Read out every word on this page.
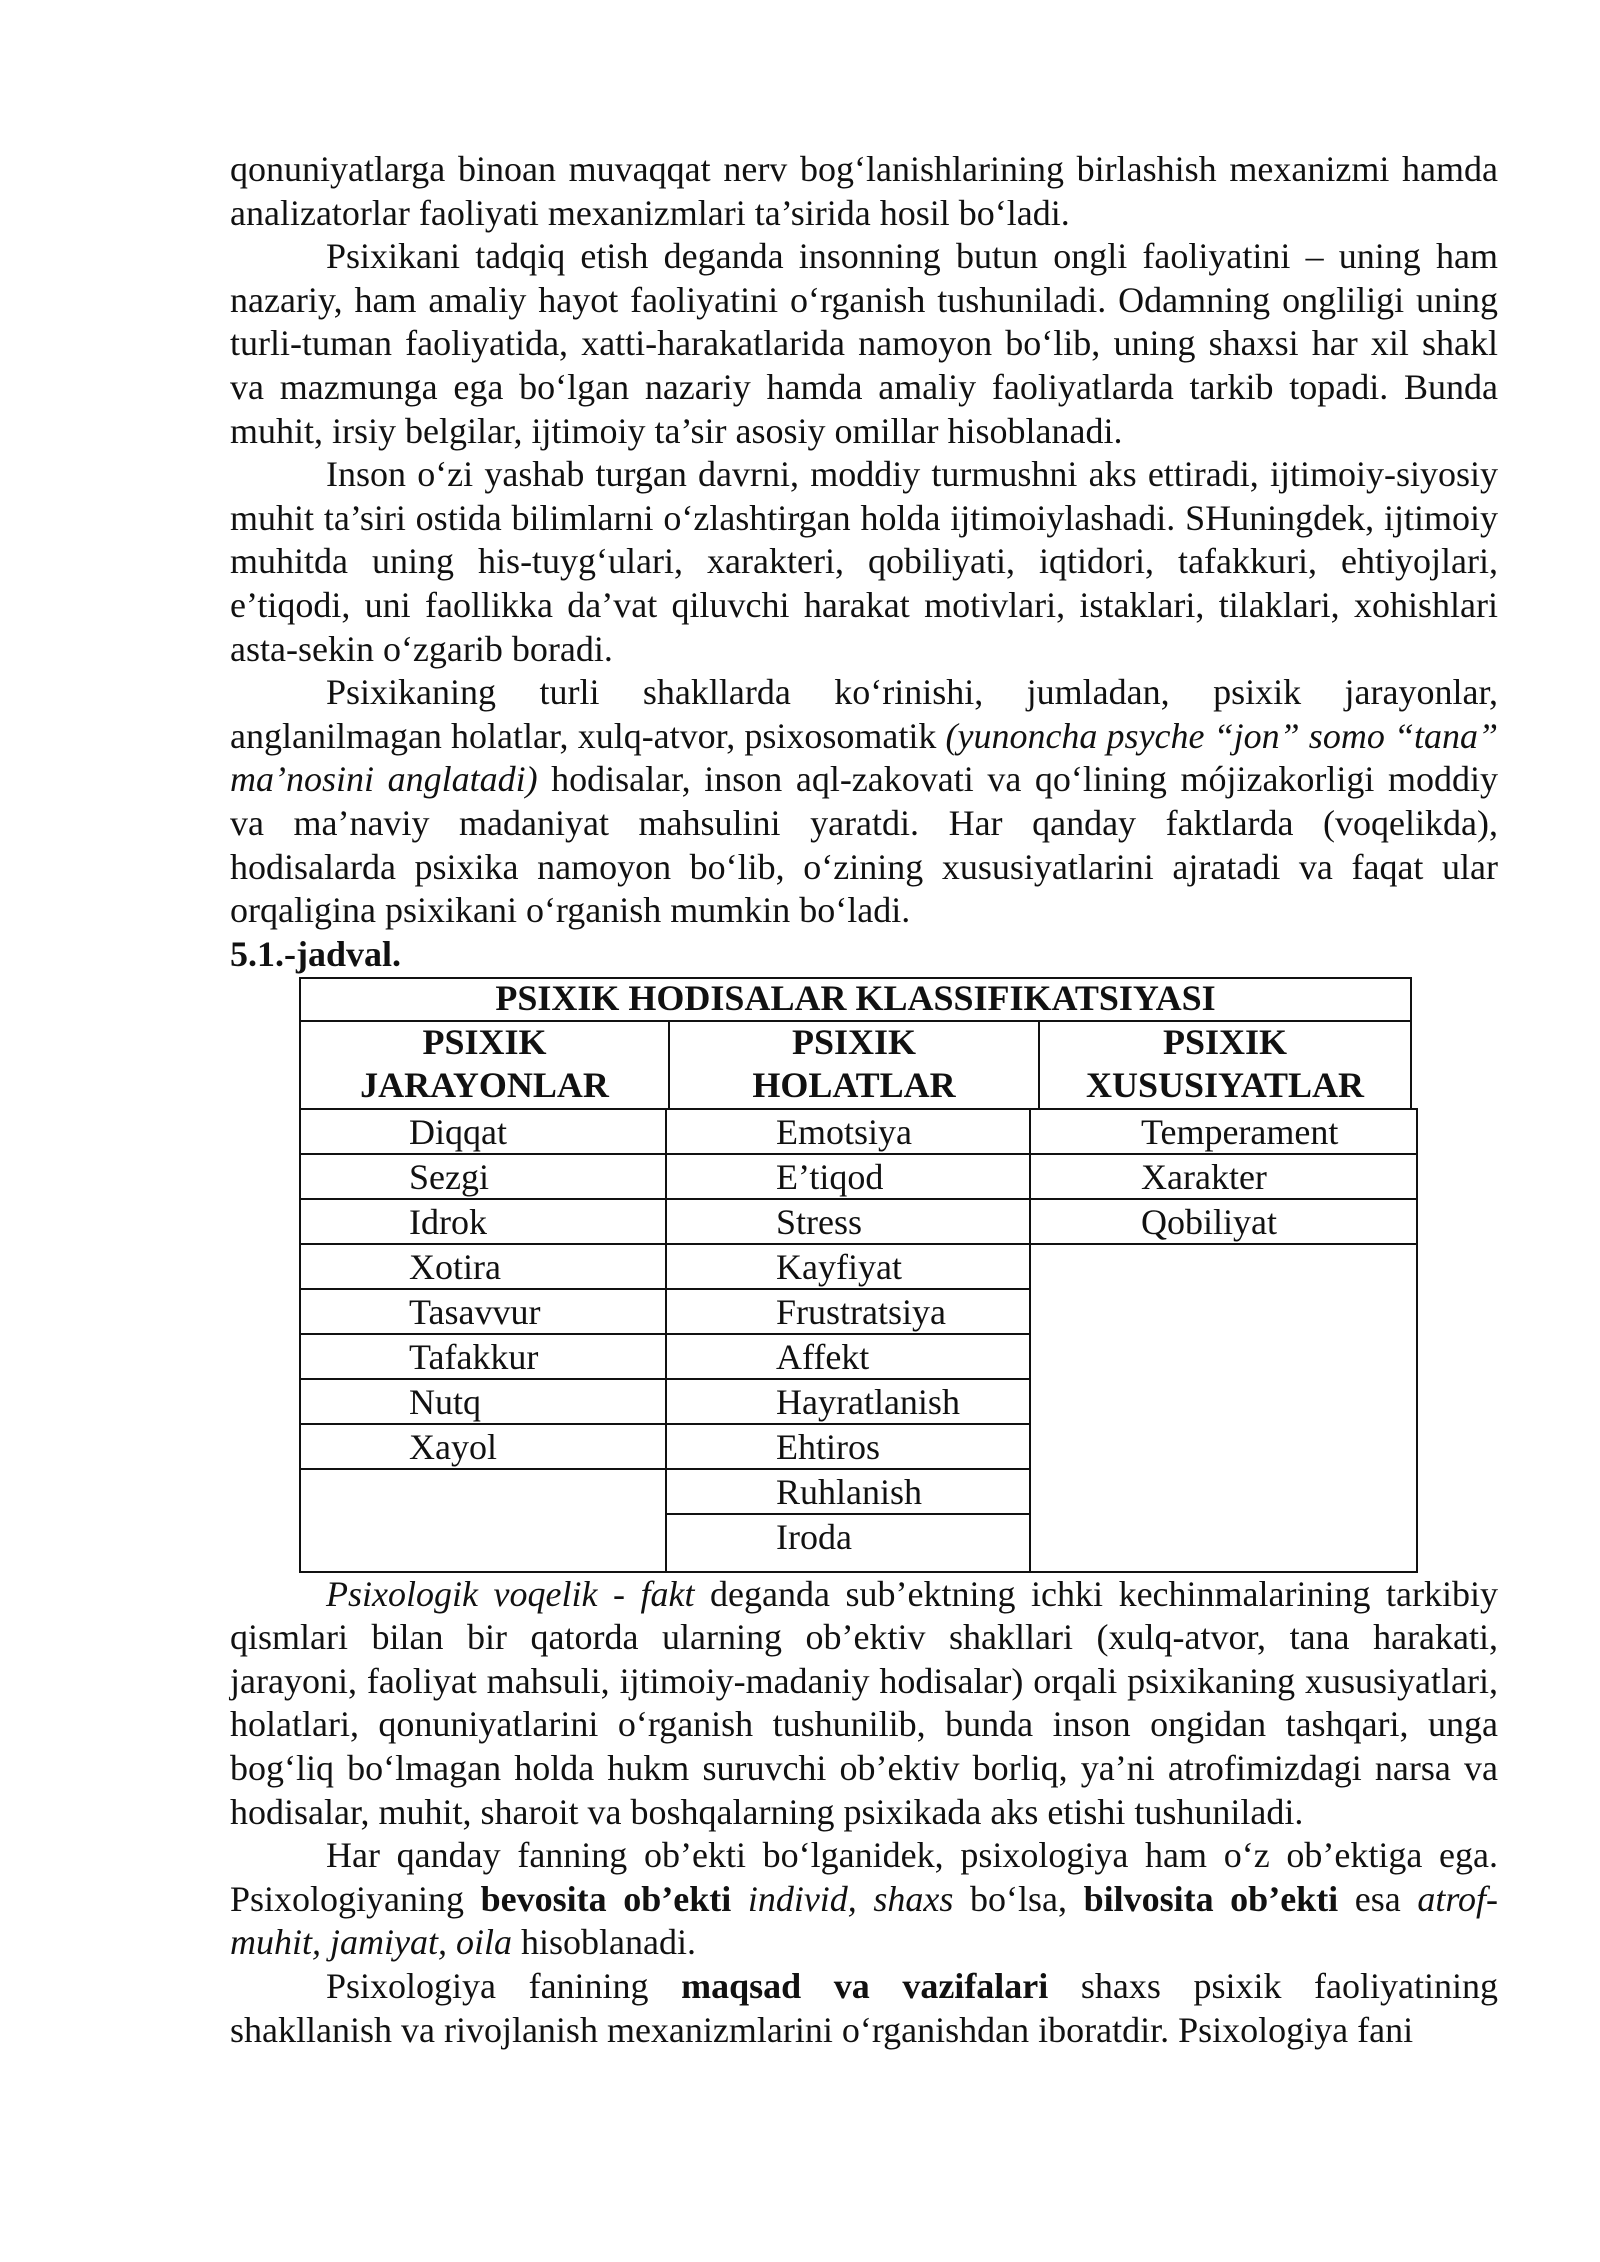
qonuniyatlarga binoan muvaqqat nerv bog‘lanishlarining birlashish mexanizmi hamda analizatorlar faoliyati mexanizmlari ta’sirida hosil bo‘ladi.

Psixikani tadqiq etish deganda insonning butun ongli faoliyatini – uning ham nazariy, ham amaliy hayot faoliyatini o‘rganish tushuniladi. Odamning ongliligi uning turli-tuman faoliyatida, xatti-harakatlarida namoyon bo‘lib, uning shaxsi har xil shakl va mazmunga ega bo‘lgan nazariy hamda amaliy faoliyatlarda tarkib topadi. Bunda muhit, irsiy belgilar, ijtimoiy ta’sir asosiy omillar hisoblanadi.

Inson o‘zi yashab turgan davrni, moddiy turmushni aks ettiradi, ijtimoiy-siyosiy muhit ta’siri ostida bilimlarni o‘zlashtirgan holda ijtimoiylashadi. SHuningdek, ijtimoiy muhitda uning his-tuyg‘ulari, xarakteri, qobiliyati, iqtidori, tafakkuri, ehtiyojlari, e’tiqodi, uni faollikka da’vat qiluvchi harakat motivlari, istaklari, tilaklari, xohishlari asta-sekin o‘zgarib boradi.

Psixikaning turli shakllarda ko‘rinishi, jumladan, psixik jarayonlar, anglanilmagan holatlar, xulq-atvor, psixosomatik (yunoncha psyche “jon” somo “tana” ma’nosini anglatadi) hodisalar, inson aql-zakovati va qo‘lining mójizakorligi moddiy va ma’naviy madaniyat mahsulini yaratdi. Har qanday faktlarda (voqelikda), hodisalarda psixika namoyon bo‘lib, o‘zining xususiyatlarini ajratadi va faqat ular orqaligina psixikani o‘rganish mumkin bo‘ladi.

5.1.-jadval.

PSIXIK HODISALAR KLASSIFIKATSIYASI
PSIXIK
JARAYONLAR
PSIXIK
HOLATLAR
PSIXIK
XUSUSIYATLAR
Diqqat
Sezgi
Idrok
Xotira
Tasavvur
Tafakkur
Nutq
Xayol
Emotsiya
E’tiqod
Stress
Kayfiyat
Frustratsiya
Affekt
Hayratlanish
Ehtiros
Ruhlanish
Iroda
Temperament
Xarakter
Qobiliyat

Psixologik voqelik - fakt deganda sub’ektning ichki kechinmalarining tarkibiy qismlari bilan bir qatorda ularning ob’ektiv shakllari (xulq-atvor, tana harakati, jarayoni, faoliyat mahsuli, ijtimoiy-madaniy hodisalar) orqali psixikaning xususiyatlari, holatlari, qonuniyatlarini o‘rganish tushunilib, bunda inson ongidan tashqari, unga bog‘liq bo‘lmagan holda hukm suruvchi ob’ektiv borliq, ya’ni atrofimizdagi narsa va hodisalar, muhit, sharoit va boshqalarning psixikada aks etishi tushuniladi.

Har qanday fanning ob’ekti bo‘lganidek, psixologiya ham o‘z ob’ektiga ega. Psixologiyaning bevosita ob’ekti individ, shaxs bo‘lsa, bilvosita ob’ekti esa atrof-muhit, jamiyat, oila hisoblanadi.

Psixologiya fanining maqsad va vazifalari shaxs psixik faoliyatining shakllanish va rivojlanish mexanizmlarini o‘rganishdan iboratdir. Psixologiya fani
